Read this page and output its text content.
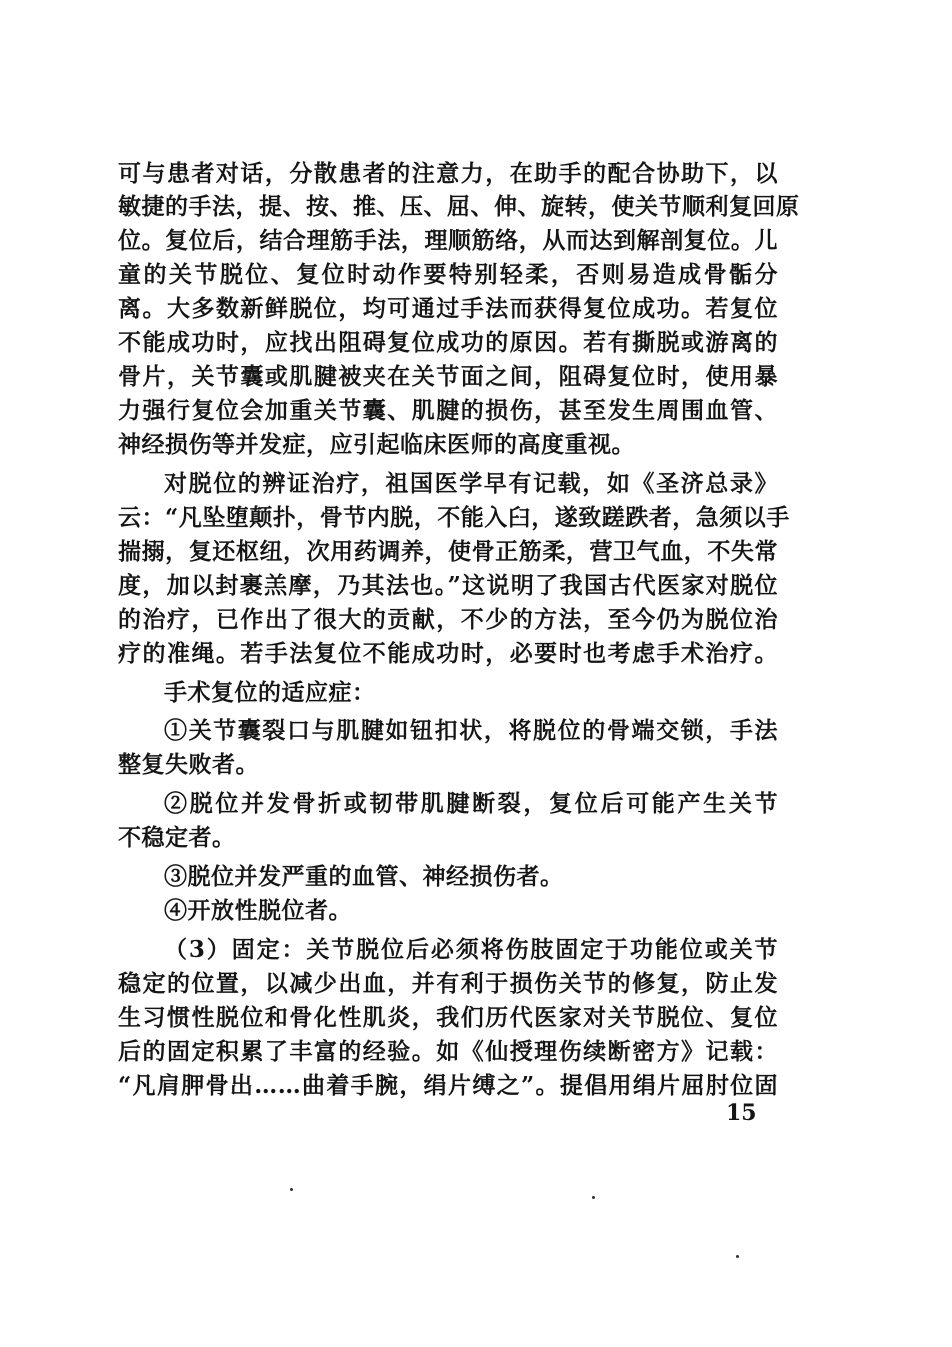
可与患者对话，分散患者的注意力，在助手的配合协助下，以
敏捷的手法，提、按、推、压、屈、伸、旋转，使关节顺利复回原
位。复位后，结合理筋手法，理顺筋络，从而达到解剖复位。儿
童的关节脱位、复位时动作要特别轻柔，否则易造成骨骺分
离。大多数新鲜脱位，均可通过手法而获得复位成功。若复位
不能成功时，应找出阻碍复位成功的原因。若有撕脱或游离的
骨片，关节囊或肌腱被夹在关节面之间，阻碍复位时，使用暴
力强行复位会加重关节囊、肌腱的损伤，甚至发生周围血管、
神经损伤等并发症，应引起临床医师的高度重视。
对脱位的辨证治疗，祖国医学早有记载，如《圣济总录》
云：“凡坠堕颠扑，骨节内脱，不能入臼，遂致蹉跌者，急须以手
揣搦，复还枢纽，次用药调养，使骨正筋柔，营卫气血，不失常
度，加以封裹羔摩，乃其法也。”这说明了我国古代医家对脱位
的治疗，已作出了很大的贡献，不少的方法，至今仍为脱位治
疗的准绳。若手法复位不能成功时，必要时也考虑手术治疗。
手术复位的适应症：
①关节囊裂口与肌腱如钮扣状，将脱位的骨端交锁，手法
整复失败者。
②脱位并发骨折或韧带肌腱断裂，复位后可能产生关节
不稳定者。
③脱位并发严重的血管、神经损伤者。
④开放性脱位者。
（3）固定：关节脱位后必须将伤肢固定于功能位或关节
稳定的位置，以减少出血，并有利于损伤关节的修复，防止发
生习惯性脱位和骨化性肌炎，我们历代医家对关节脱位、复位
后的固定积累了丰富的经验。如《仙授理伤续断密方》记载：
“凡肩胛骨出……曲着手腕，绢片缚之”。提倡用绢片屈肘位固
15
